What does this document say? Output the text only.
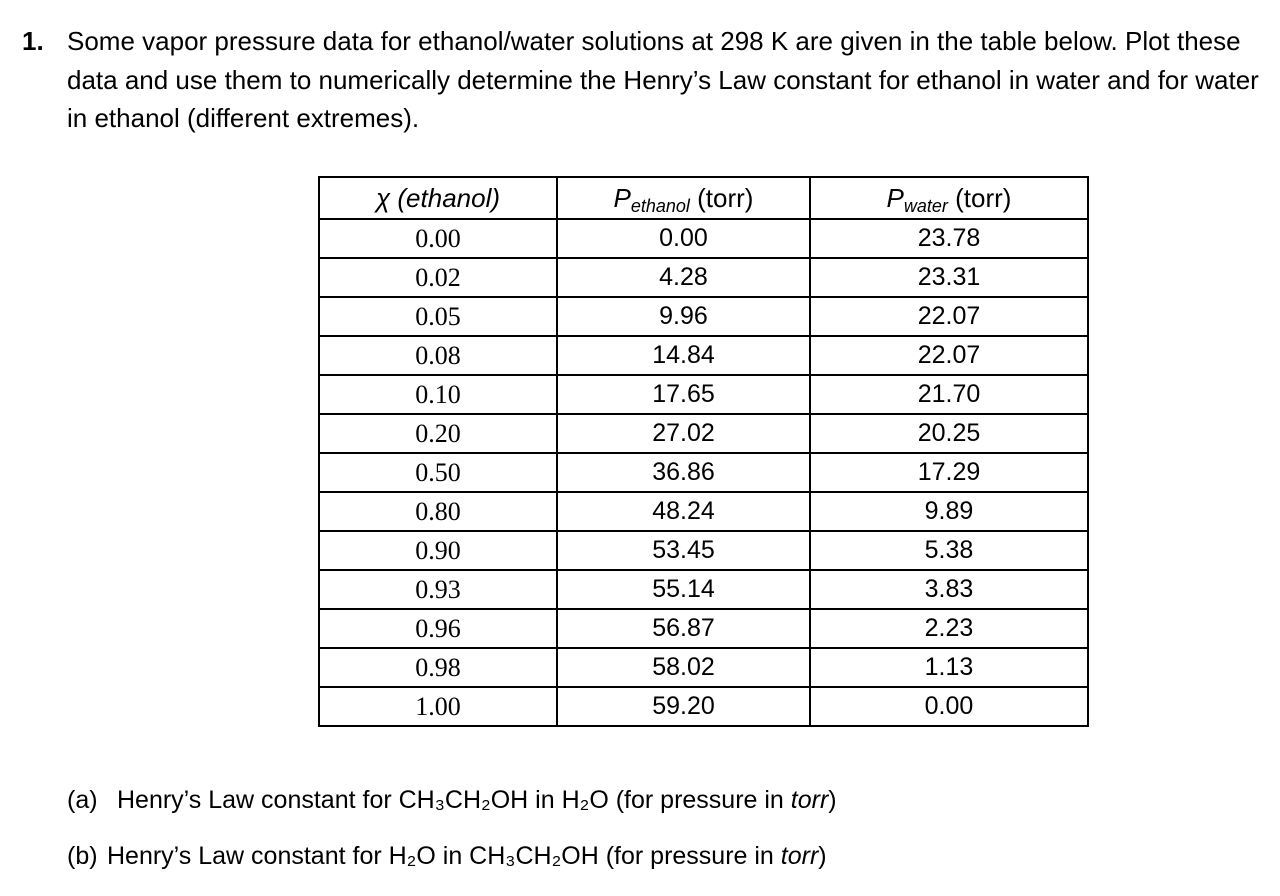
1. Some vapor pressure data for ethanol/water solutions at 298 K are given in the table below. Plot these data and use them to numerically determine the Henry’s Law constant for ethanol in water and for water in ethanol (different extremes).
χ (ethanol)	Pethanol (torr)	Pwater (torr)
0.00	0.00	23.78
0.02	4.28	23.31
0.05	9.96	22.07
0.08	14.84	22.07
0.10	17.65	21.70
0.20	27.02	20.25
0.50	36.86	17.29
0.80	48.24	9.89
0.90	53.45	5.38
0.93	55.14	3.83
0.96	56.87	2.23
0.98	58.02	1.13
1.00	59.20	0.00
(a) Henry’s Law constant for CH₃CH₂OH in H₂O (for pressure in torr)
(b) Henry’s Law constant for H₂O in CH₃CH₂OH (for pressure in torr)
